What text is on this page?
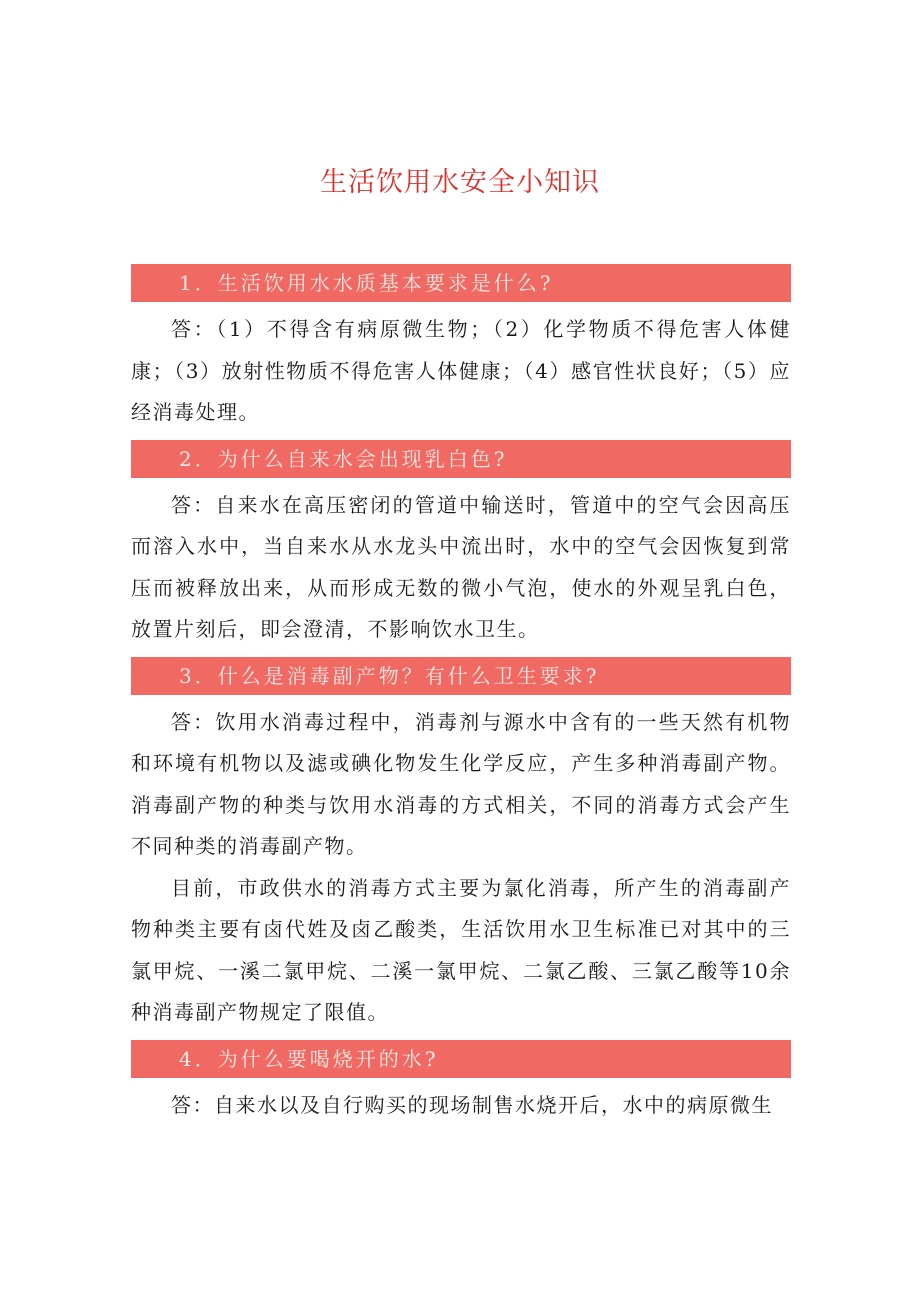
生活饮用水安全小知识
1．生活饮用水水质基本要求是什么?

答：（1）不得含有病原微生物；（2）化学物质不得危害人体健康；（3）放射性物质不得危害人体健康；（4）感官性状良好；（5）应经消毒处理。

2．为什么自来水会出现乳白色?

答：自来水在高压密闭的管道中输送时，管道中的空气会因高压而溶入水中，当自来水从水龙头中流出时，水中的空气会因恢复到常压而被释放出来，从而形成无数的微小气泡，使水的外观呈乳白色，放置片刻后，即会澄清，不影响饮水卫生。

3．什么是消毒副产物？有什么卫生要求?

答：饮用水消毒过程中，消毒剂与源水中含有的一些天然有机物和环境有机物以及滤或碘化物发生化学反应，产生多种消毒副产物。消毒副产物的种类与饮用水消毒的方式相关，不同的消毒方式会产生不同种类的消毒副产物。

目前，市政供水的消毒方式主要为氯化消毒，所产生的消毒副产物种类主要有卤代姓及卤乙酸类，生活饮用水卫生标准已对其中的三氯甲烷、一溪二氯甲烷、二溪一氯甲烷、二氯乙酸、三氯乙酸等10余种消毒副产物规定了限值。

4．为什么要喝烧开的水?

答：自来水以及自行购买的现场制售水烧开后，水中的病原微生
